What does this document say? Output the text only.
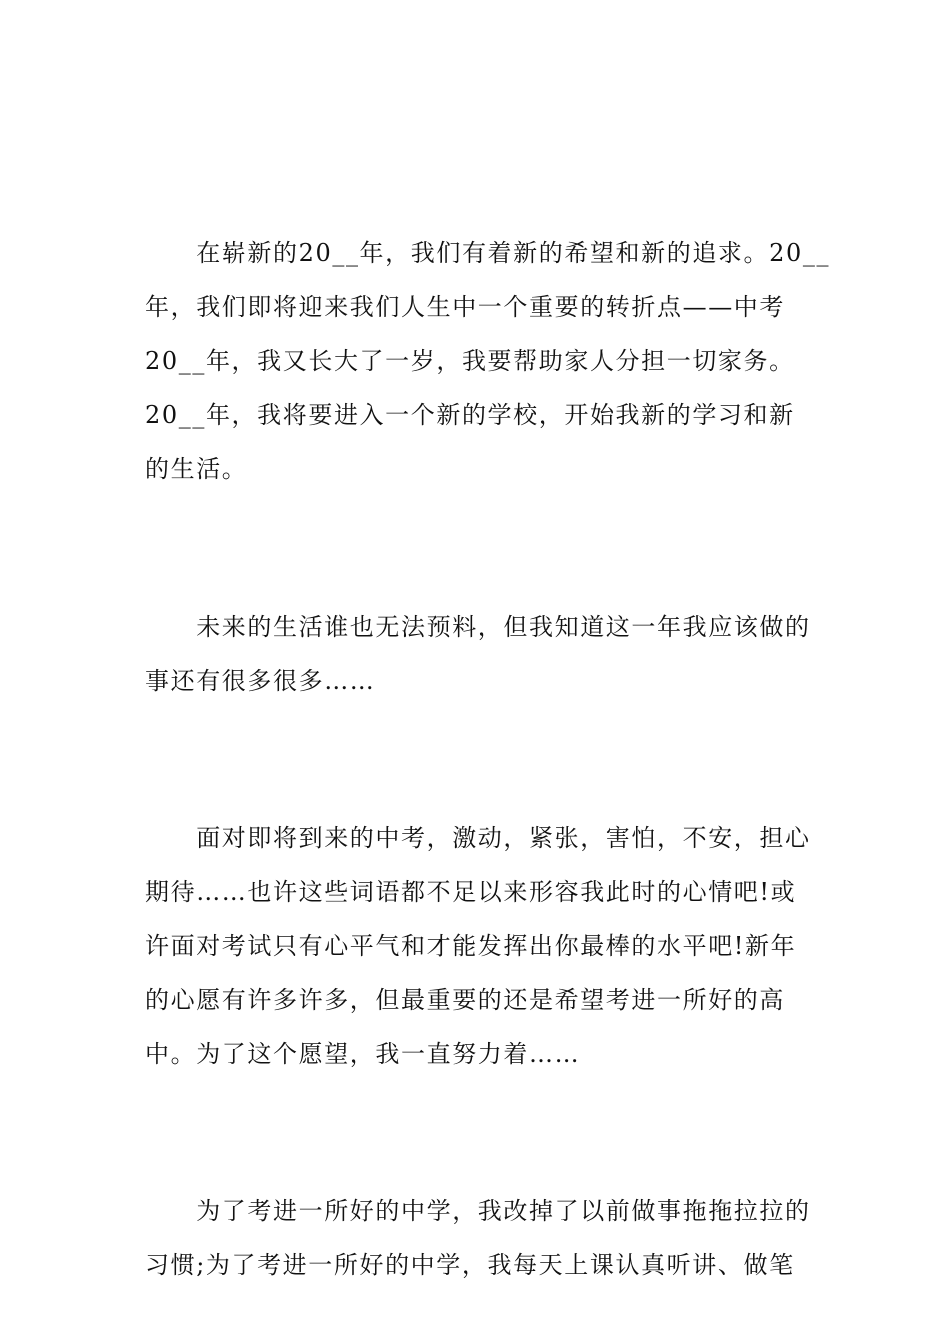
　　在崭新的20__年，我们有着新的希望和新的追求。20__
年，我们即将迎来我们人生中一个重要的转折点——中考
20__年，我又长大了一岁，我要帮助家人分担一切家务。
20__年，我将要进入一个新的学校，开始我新的学习和新
的生活。
　　未来的生活谁也无法预料，但我知道这一年我应该做的
事还有很多很多……
　　面对即将到来的中考，激动，紧张，害怕，不安，担心
期待……也许这些词语都不足以来形容我此时的心情吧!或
许面对考试只有心平气和才能发挥出你最棒的水平吧!新年
的心愿有许多许多，但最重要的还是希望考进一所好的高
中。为了这个愿望，我一直努力着……
　　为了考进一所好的中学，我改掉了以前做事拖拖拉拉的
习惯;为了考进一所好的中学，我每天上课认真听讲、做笔
